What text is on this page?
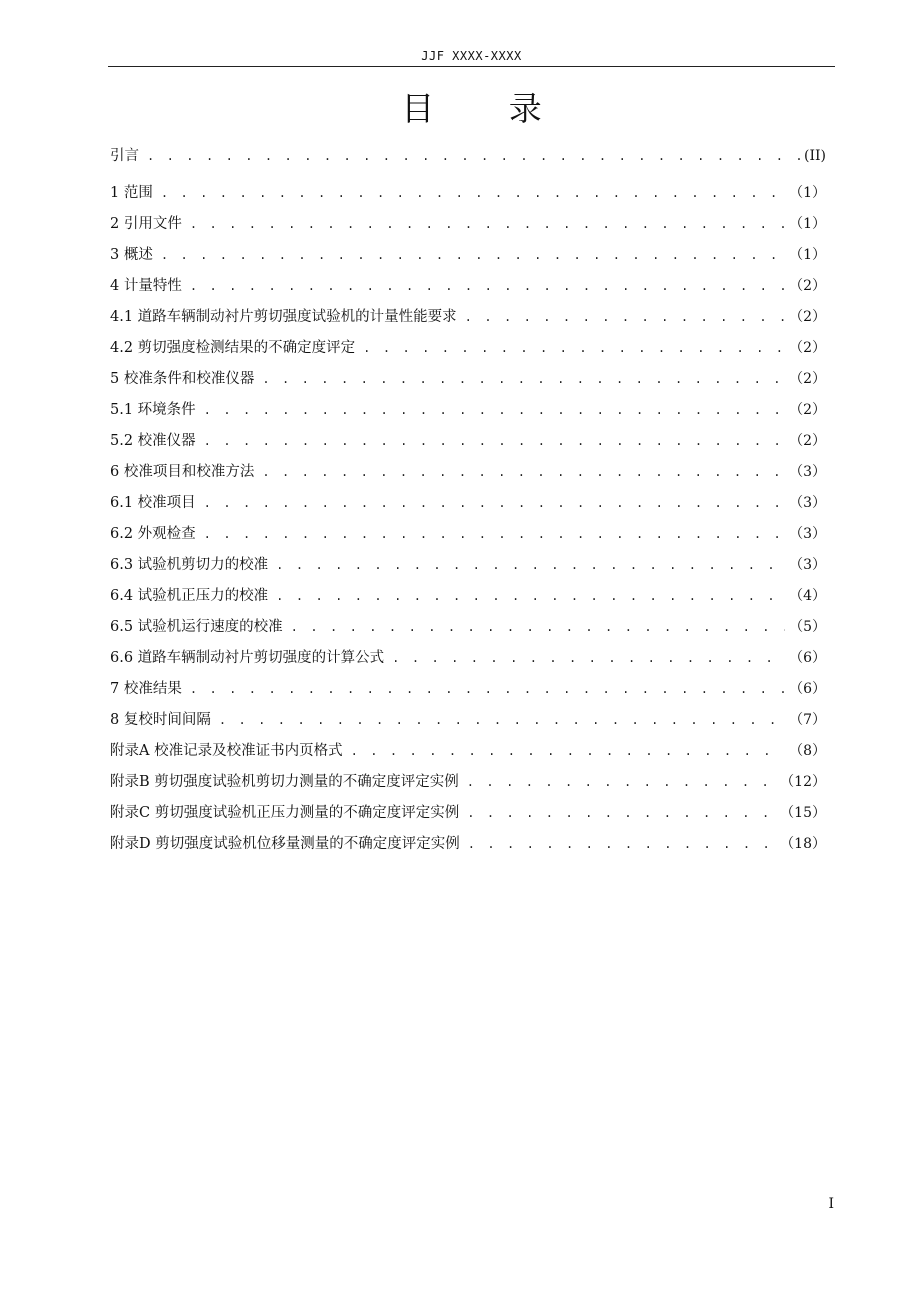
JJF XXXX-XXXX
目 录
引言 . . .	(II)
1 范围 . . .	（1）
2 引用文件 . . .	（1）
3 概述 . . .	（1）
4 计量特性 . . .	（2）
4.1 道路车辆制动衬片剪切强度试验机的计量性能要求 . . .	（2）
4.2 剪切强度检测结果的不确定度评定 . . .	（2）
5 校准条件和校准仪器 . . .	（2）
5.1 环境条件 . . .	（2）
5.2 校准仪器 . . .	（2）
6 校准项目和校准方法 . . .	（3）
6.1 校准项目 . . .	（3）
6.2 外观检查 . . .	（3）
6.3 试验机剪切力的校准 . . .	（3）
6.4 试验机正压力的校准 . . .	（4）
6.5 试验机运行速度的校准 . . .	（5）
6.6 道路车辆制动衬片剪切强度的计算公式 . . .	（6）
7 校准结果 . . .	（6）
8 复校时间间隔 . . .	（7）
附录A 校准记录及校准证书内页格式 . . .	（8）
附录B 剪切强度试验机剪切力测量的不确定度评定实例 . . .	（12）
附录C 剪切强度试验机正压力测量的不确定度评定实例 . . .	（15）
附录D 剪切强度试验机位移量测量的不确定度评定实例 . . .	（18）
I
